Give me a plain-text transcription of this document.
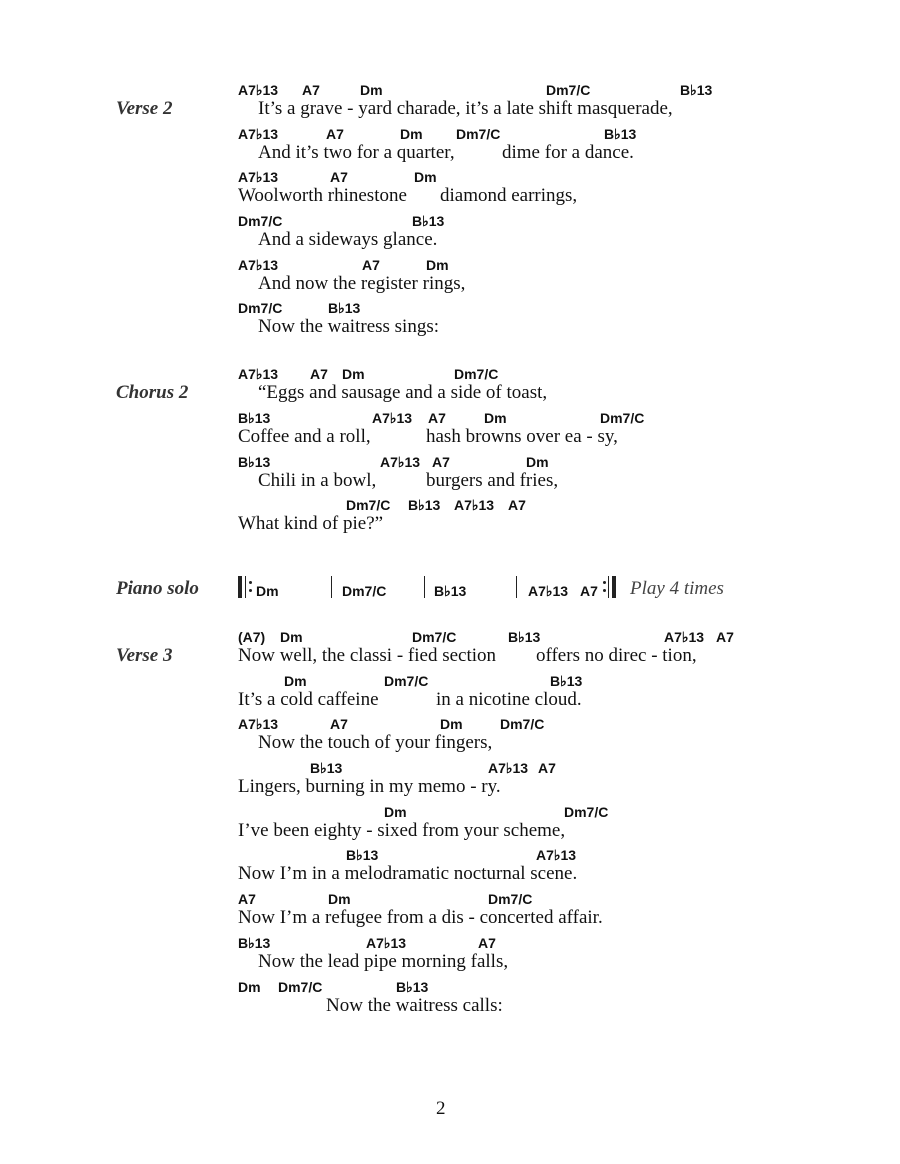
Verse 2
A7♭13 A7	Dm	Dm7/C	B♭13
It’s a grave - yard charade, it’s a late shift masquerade,
A7♭13	A7	Dm Dm7/C	B♭13
And it’s two for a quarter, dime for a dance.
A7♭13	A7	Dm
Woolworth rhinestone diamond earrings,
Dm7/C	B♭13
And a sideways glance.
A7♭13	A7	Dm
And now the register rings,
Dm7/C	B♭13
Now the waitress sings:
Chorus 2
A7♭13 A7 Dm	Dm7/C
“Eggs and sausage and a side of toast,
B♭13	A7♭13 A7	Dm	Dm7/C
Coffee and a roll,	hash browns over ea - sy,
B♭13	A7♭13 A7	Dm
Chili in a bowl,	burgers and fries,
Dm7/C B♭13 A7♭13 A7
What kind of pie?”
Piano solo	Dm	Dm7/C	B♭13	A7♭13 A7 Play 4 times
Verse 3
(A7) Dm	Dm7/C	B♭13	A7♭13 A7
Now well, the classi - fied section offers no direc - tion,
Dm	Dm7/C	B♭13
It’s a cold caffeine	in a nicotine cloud.
A7♭13	A7	Dm	Dm7/C
Now the touch of your fingers,
B♭13	A7♭13 A7
Lingers, burning in my memo - ry.
Dm	Dm7/C
I’ve been eighty - sixed from your scheme,
B♭13	A7♭13
Now I’m in a melodramatic nocturnal scene.
A7	Dm	Dm7/C
Now I’m a refugee from a dis - concerted affair.
B♭13	A7♭13	A7
Now the lead pipe morning falls,
Dm Dm7/C	B♭13
Now the waitress calls:
2
